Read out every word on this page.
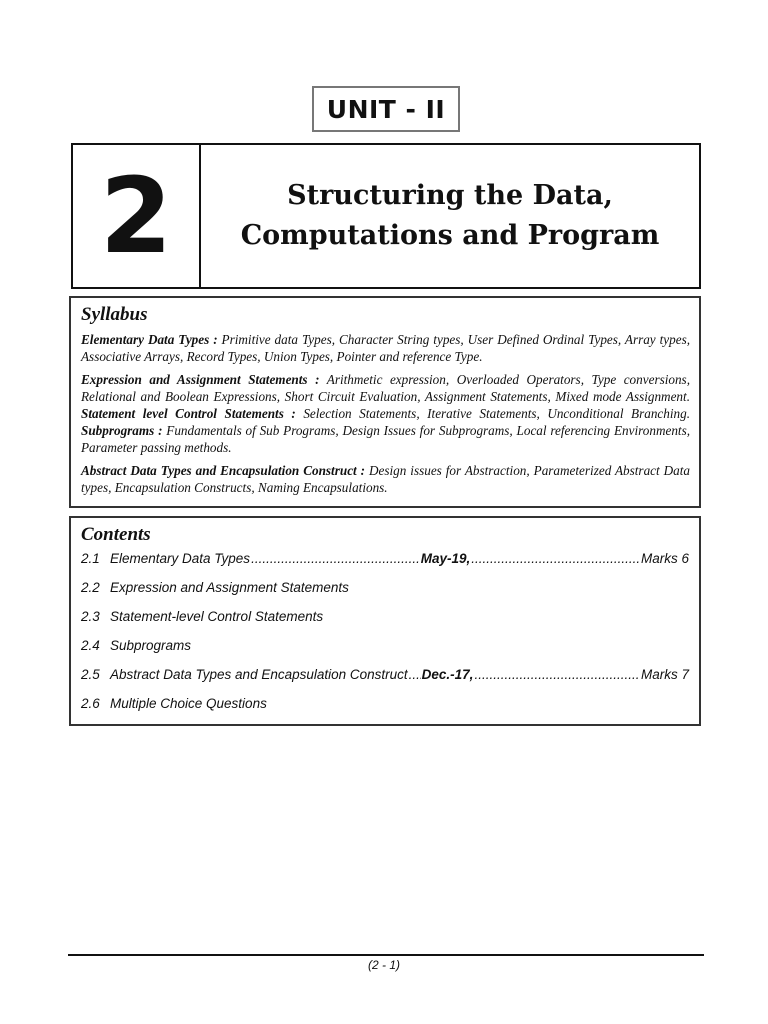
UNIT - II
2	Structuring the Data,
Computations and Program
Syllabus

Elementary Data Types : Primitive data Types, Character String types, User Defined Ordinal Types, Array types, Associative Arrays, Record Types, Union Types, Pointer and reference Type.

Expression and Assignment Statements : Arithmetic expression, Overloaded Operators, Type conversions, Relational and Boolean Expressions, Short Circuit Evaluation, Assignment Statements, Mixed mode Assignment. Statement level Control Statements : Selection Statements, Iterative Statements, Unconditional Branching. Subprograms : Fundamentals of Sub Programs, Design Issues for Subprograms, Local referencing Environments, Parameter passing methods.

Abstract Data Types and Encapsulation Construct : Design issues for Abstraction, Parameterized Abstract Data types, Encapsulation Constructs, Naming Encapsulations.

Contents
2.1 Elementary Data Types .....	May-19, .....	Marks 6
2.2 Expression and Assignment Statements
2.3 Statement-level Control Statements
2.4 Subprograms
2.5 Abstract Data Types and Encapsulation Construct ..... Dec.-17, .....	Marks 7
2.6 Multiple Choice Questions
(2 - 1)
